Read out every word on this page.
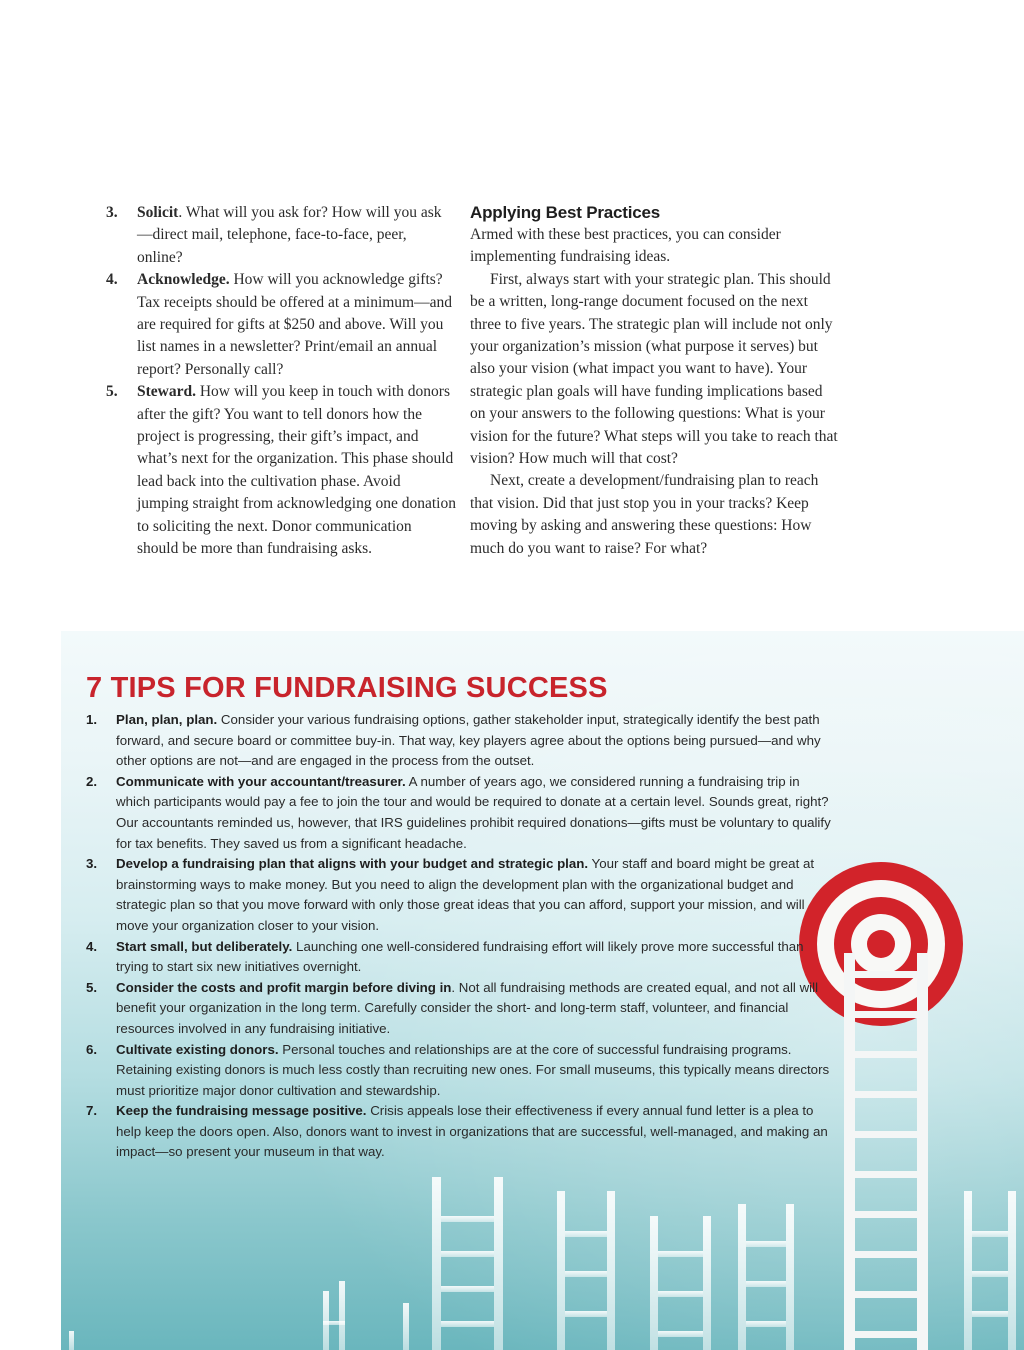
3. Solicit. What will you ask for? How will you ask—direct mail, telephone, face-to-face, peer, online?
4. Acknowledge. How will you acknowledge gifts? Tax receipts should be offered at a minimum—and are required for gifts at $250 and above. Will you list names in a newsletter? Print/email an annual report? Personally call?
5. Steward. How will you keep in touch with donors after the gift? You want to tell donors how the project is progressing, their gift’s impact, and what’s next for the organization. This phase should lead back into the cultivation phase. Avoid jumping straight from acknowledging one donation to soliciting the next. Donor communication should be more than fundraising asks.
Applying Best Practices

Armed with these best practices, you can consider implementing fundraising ideas.

First, always start with your strategic plan. This should be a written, long-range document focused on the next three to five years. The strategic plan will include not only your organization’s mission (what purpose it serves) but also your vision (what impact you want to have). Your strategic plan goals will have funding implications based on your answers to the following questions: What is your vision for the future? What steps will you take to reach that vision? How much will that cost?

Next, create a development/fundraising plan to reach that vision. Did that just stop you in your tracks? Keep moving by asking and answering these questions: How much do you want to raise? For what?

7 TIPS FOR FUNDRAISING SUCCESS
1. Plan, plan, plan. Consider your various fundraising options, gather stakeholder input, strategically identify the best path forward, and secure board or committee buy-in. That way, key players agree about the options being pursued—and why other options are not—and are engaged in the process from the outset.
2. Communicate with your accountant/treasurer. A number of years ago, we considered running a fundraising trip in which participants would pay a fee to join the tour and would be required to donate at a certain level. Sounds great, right? Our accountants reminded us, however, that IRS guidelines prohibit required donations—gifts must be voluntary to qualify for tax benefits. They saved us from a significant headache.
3. Develop a fundraising plan that aligns with your budget and strategic plan. Your staff and board might be great at brainstorming ways to make money. But you need to align the development plan with the organizational budget and strategic plan so that you move forward with only those great ideas that you can afford, support your mission, and will move your organization closer to your vision.
4. Start small, but deliberately. Launching one well-considered fundraising effort will likely prove more successful than trying to start six new initiatives overnight.
5. Consider the costs and profit margin before diving in. Not all fundraising methods are created equal, and not all will benefit your organization in the long term. Carefully consider the short- and long-term staff, volunteer, and financial resources involved in any fundraising initiative.
6. Cultivate existing donors. Personal touches and relationships are at the core of successful fundraising programs. Retaining existing donors is much less costly than recruiting new ones. For small museums, this typically means directors must prioritize major donor cultivation and stewardship.
7. Keep the fundraising message positive. Crisis appeals lose their effectiveness if every annual fund letter is a plea to help keep the doors open. Also, donors want to invest in organizations that are successful, well-managed, and making an impact—so present your museum in that way.
